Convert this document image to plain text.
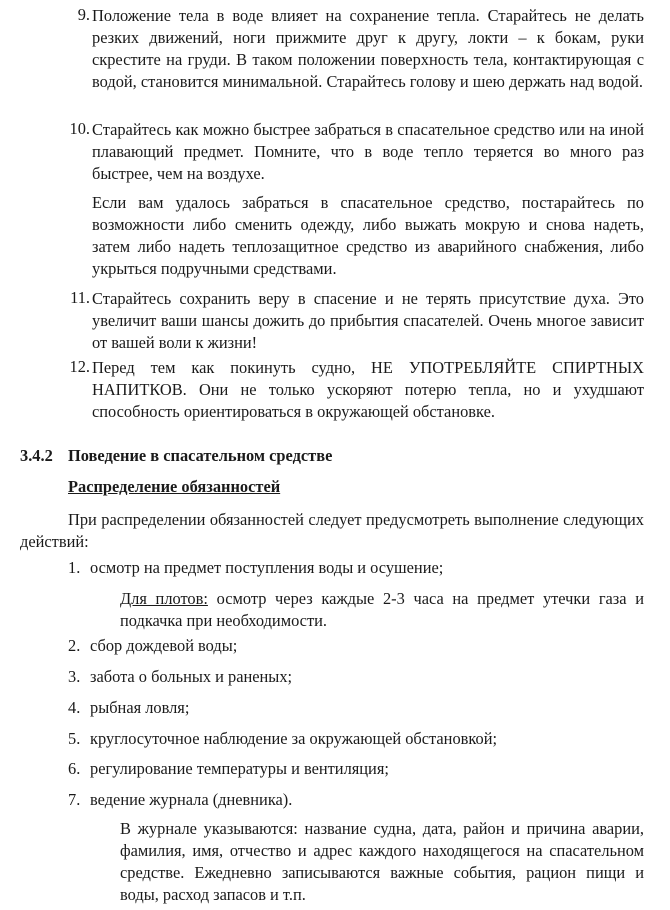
9. Положение тела в воде влияет на сохранение тепла. Старайтесь не делать резких движений, ноги прижмите друг к другу, локти – к бокам, руки скрестите на груди. В таком положении поверхность тела, контактирующая с водой, становится минимальной. Старайтесь голову и шею держать над водой.

10. Старайтесь как можно быстрее забраться в спасательное средство или на иной плавающий предмет. Помните, что в воде тепло теряется во много раз быстрее, чем на воздухе.

Если вам удалось забраться в спасательное средство, постарайтесь по возможности либо сменить одежду, либо выжать мокрую и снова надеть, затем либо надеть теплозащитное средство из аварийного снабжения, либо укрыться подручными средствами.

11. Старайтесь сохранить веру в спасение и не терять присутствие духа. Это увеличит ваши шансы дожить до прибытия спасателей. Очень многое зависит от вашей воли к жизни!

12. Перед тем как покинуть судно, НЕ УПОТРЕБЛЯЙТЕ СПИРТНЫХ НАПИТКОВ. Они не только ускоряют потерю тепла, но и ухудшают способность ориентироваться в окружающей обстановке.

3.4.2 Поведение в спасательном средстве
Распределение обязанностей

При распределении обязанностей следует предусмотреть выполнение следующих действий:

1. осмотр на предмет поступления воды и осушение;

Для плотов: осмотр через каждые 2-3 часа на предмет утечки газа и подкачка при необходимости.

2. сбор дождевой воды;
3. забота о больных и раненых;
4. рыбная ловля;
5. круглосуточное наблюдение за окружающей обстановкой;
6. регулирование температуры и вентиляция;
7. ведение журнала (дневника).

В журнале указываются: название судна, дата, район и причина аварии, фамилия, имя, отчество и адрес каждого находящегося на спасательном средстве. Ежедневно записываются важные события, рацион пищи и воды, расход запасов и т.п.
